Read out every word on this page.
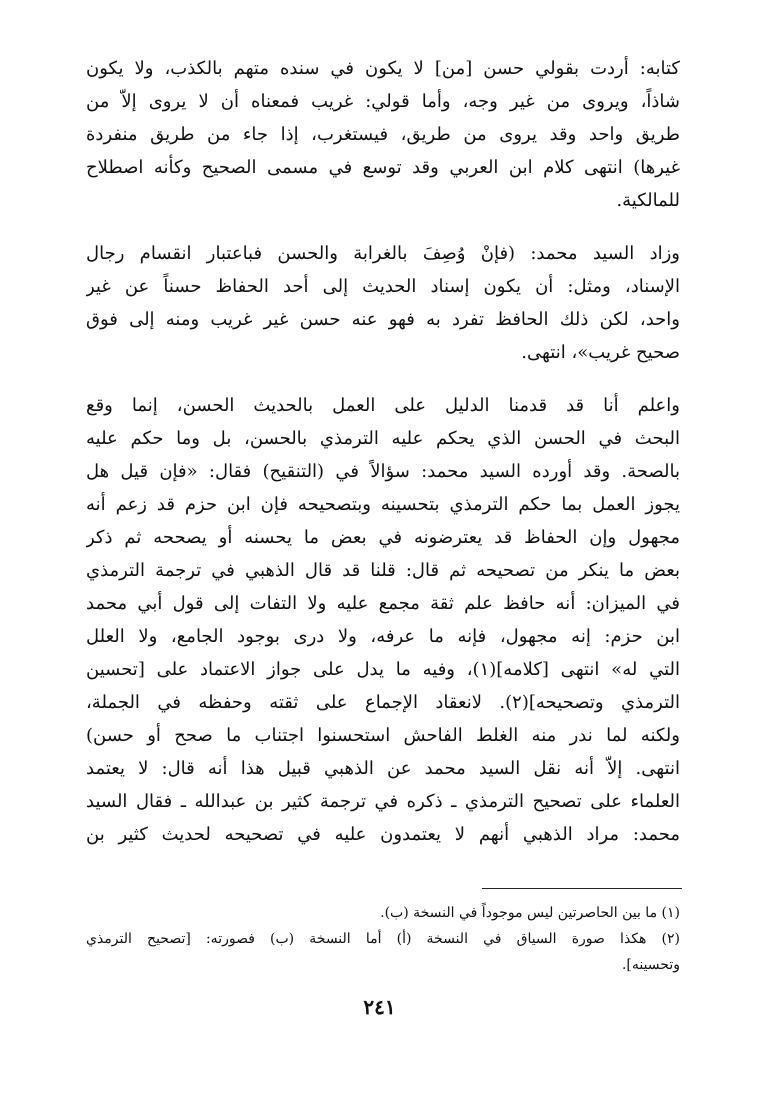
كتابه: أردت بقولي حسن [من] لا يكون في سنده متهم بالكذب، ولا يكون
شاذاً، ويروى من غير وجه، وأما قولي: غريب فمعناه أن لا يروى إلاّ من
طريق واحد وقد يروى من طريق، فيستغرب، إذا جاء من طريق منفردة
غيرها) انتهى كلام ابن العربي وقد توسع في مسمى الصحيح وكأنه اصطلاح
للمالكية.
وزاد السيد محمد: (فإنْ وُصِفَ بالغرابة والحسن فباعتبار انقسام رجال
الإسناد، ومثل: أن يكون إسناد الحديث إلى أحد الحفاظ حسناً عن غير
واحد، لكن ذلك الحافظ تفرد به فهو عنه حسن غير غريب ومنه إلى فوق
صحيح غريب»، انتهى.
واعلم أنا قد قدمنا الدليل على العمل بالحديث الحسن، إنما وقع
البحث في الحسن الذي يحكم عليه الترمذي بالحسن، بل وما حكم عليه
بالصحة. وقد أورده السيد محمد: سؤالاً في (التنقيح) فقال: «فإن قيل هل
يجوز العمل بما حكم الترمذي بتحسينه وبتصحيحه فإن ابن حزم قد زعم أنه
مجهول وإن الحفاظ قد يعترضونه في بعض ما يحسنه أو يصححه ثم ذكر
بعض ما ينكر من تصحيحه ثم قال: قلنا قد قال الذهبي في ترجمة الترمذي
في الميزان: أنه حافظ علم ثقة مجمع عليه ولا التفات إلى قول أبي محمد
ابن حزم: إنه مجهول، فإنه ما عرفه، ولا درى بوجود الجامع، ولا العلل
التي له» انتهى [كلامه](١)، وفيه ما يدل على جواز الاعتماد على [تحسين
الترمذي وتصحيحه](٢). لانعقاد الإجماع على ثقته وحفظه في الجملة،
ولكنه لما ندر منه الغلط الفاحش استحسنوا اجتناب ما صحح أو حسن)
انتهى. إلاّ أنه نقل السيد محمد عن الذهبي قبيل هذا أنه قال: لا يعتمد
العلماء على تصحيح الترمذي ـ ذكره في ترجمة كثير بن عبدالله ـ فقال السيد
محمد: مراد الذهبي أنهم لا يعتمدون عليه في تصحيحه لحديث كثير بن
(١) ما بين الحاصرتين ليس موجوداً في النسخة (ب).
(٢) هكذا صورة السياق في النسخة (أ) أما النسخة (ب) فصورته: [تصحيح الترمذي
وتحسينه].
٢٤١
